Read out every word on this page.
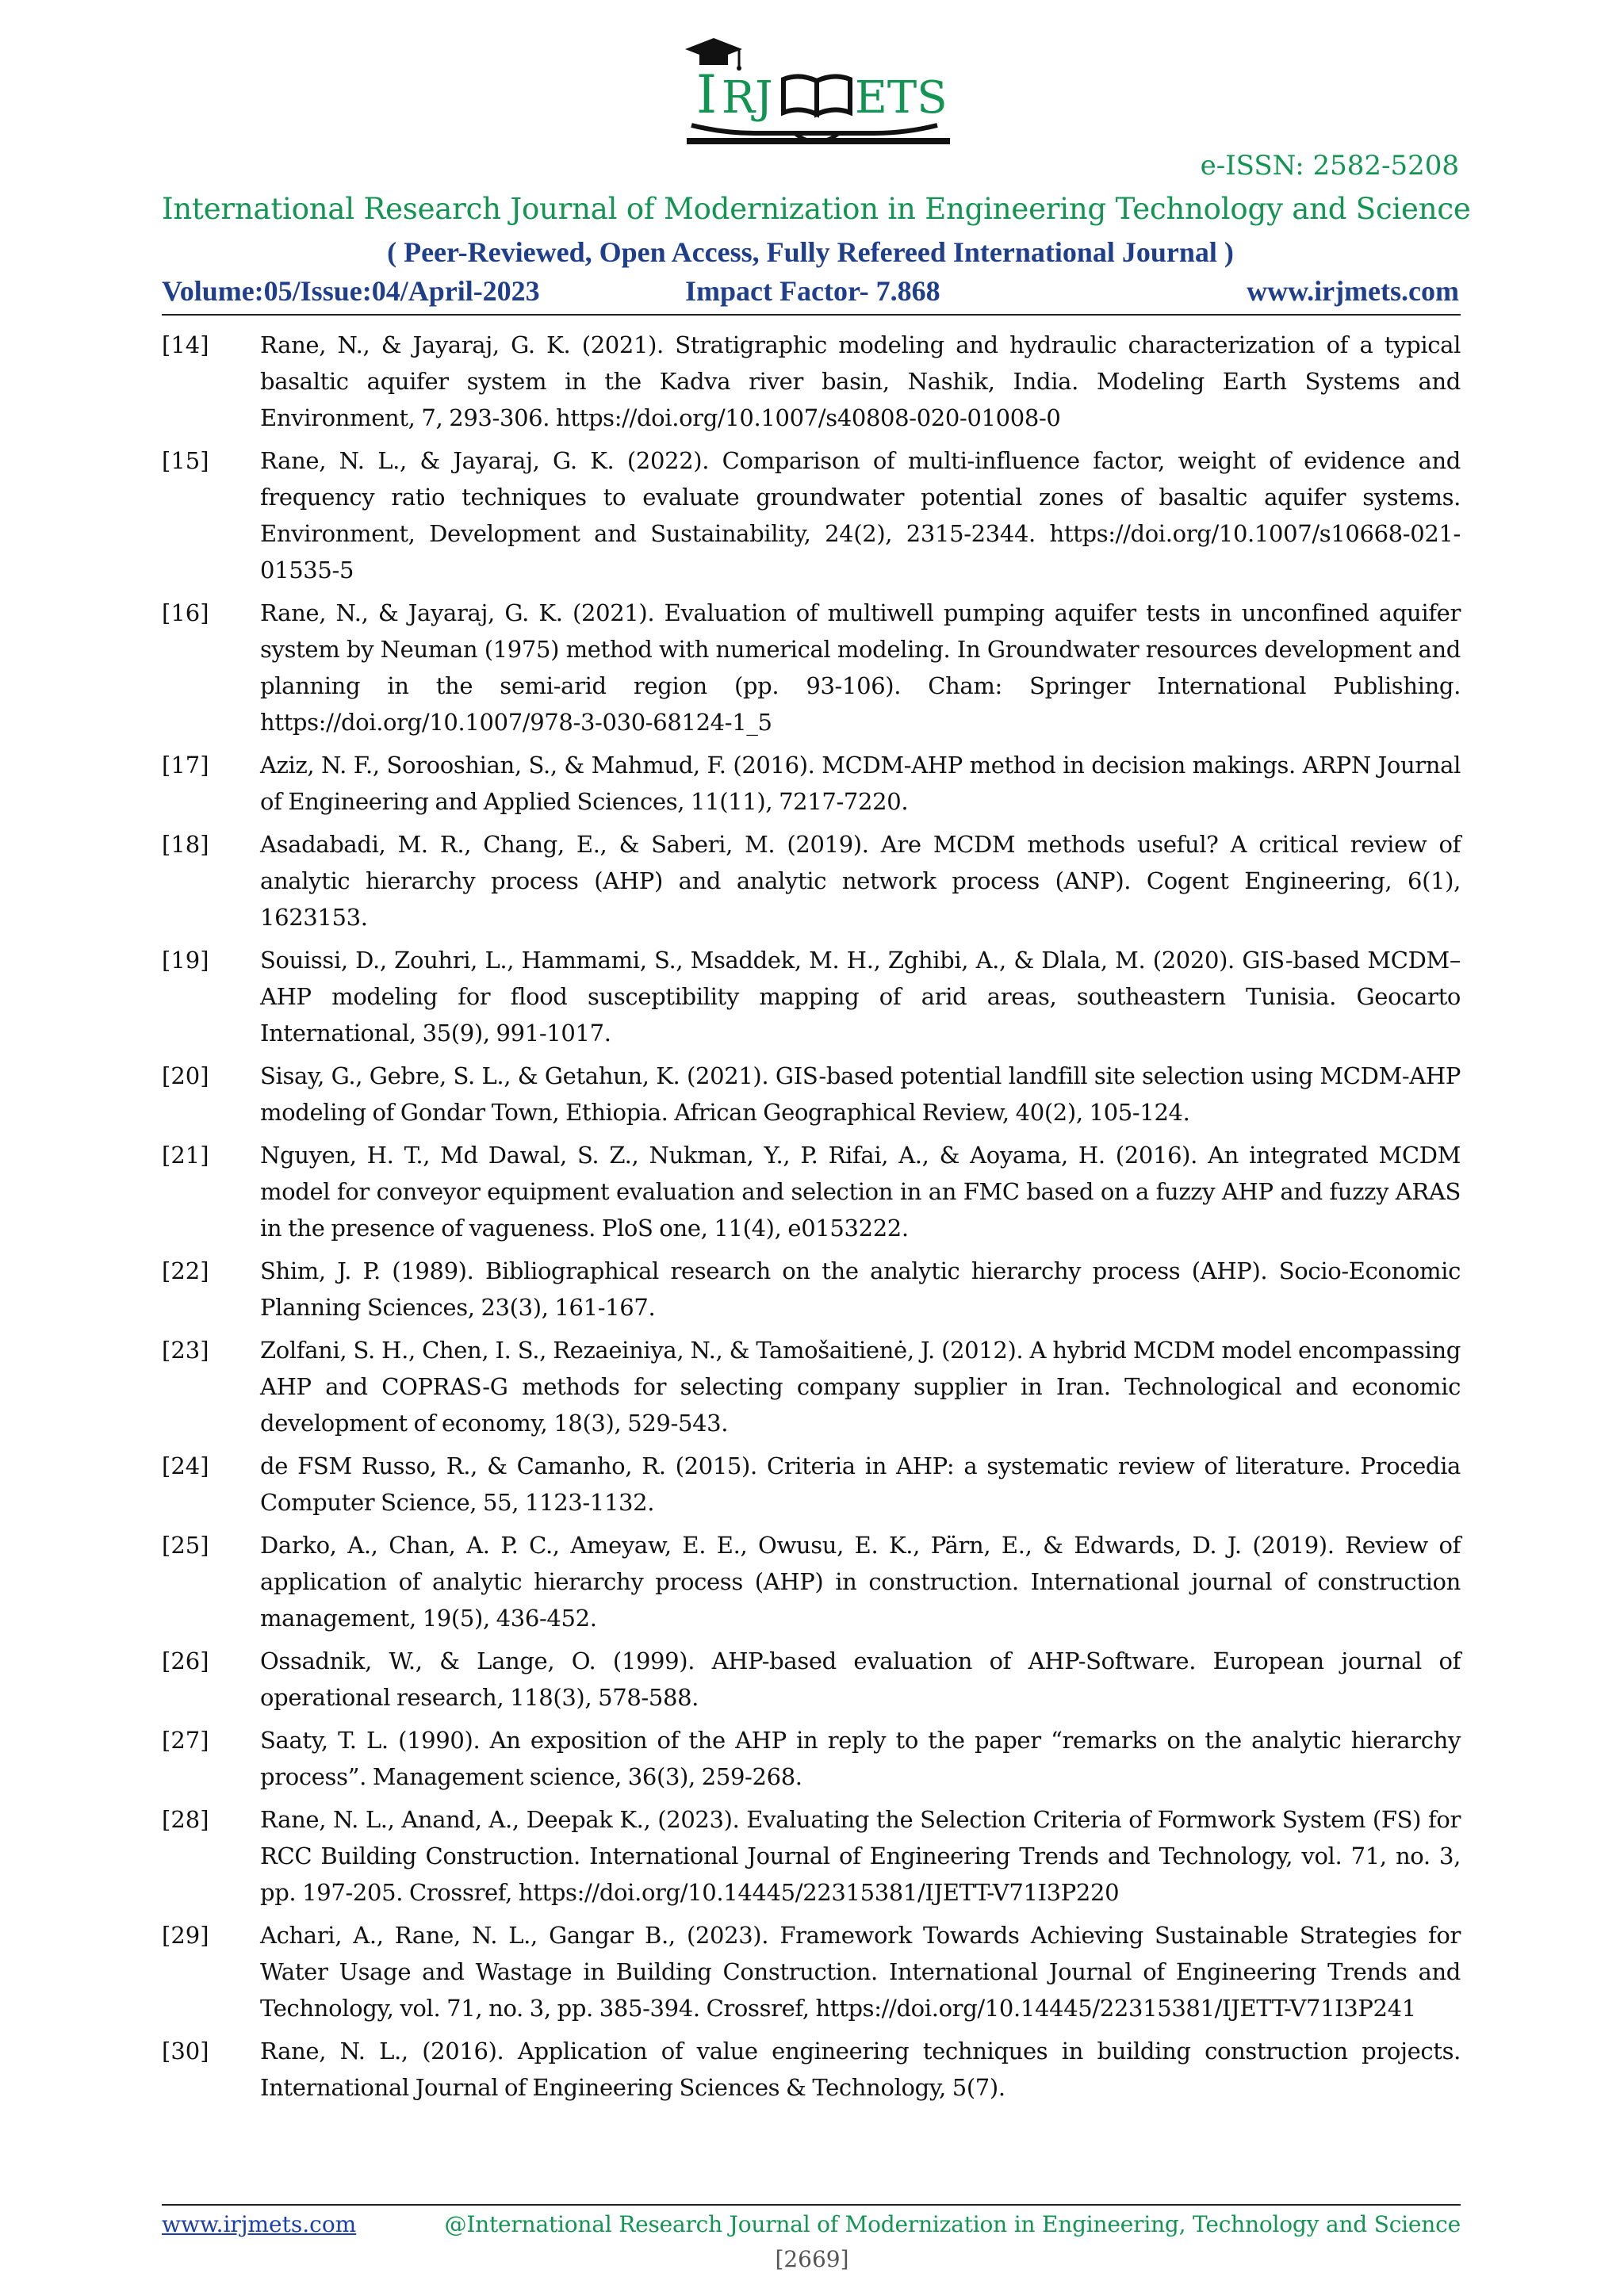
I RJ ETS
e-ISSN: 2582-5208
International Research Journal of Modernization in Engineering Technology and Science
( Peer-Reviewed, Open Access, Fully Refereed International Journal )
Volume:05/Issue:04/April-2023	Impact Factor- 7.868	www.irjmets.com
[14]	Rane, N., & Jayaraj, G. K. (2021). Stratigraphic modeling and hydraulic characterization of a typical basaltic aquifer system in the Kadva river basin, Nashik, India. Modeling Earth Systems and Environment, 7, 293-306. https://doi.org/10.1007/s40808-020-01008-0
[15]	Rane, N. L., & Jayaraj, G. K. (2022). Comparison of multi-influence factor, weight of evidence and frequency ratio techniques to evaluate groundwater potential zones of basaltic aquifer systems. Environment, Development and Sustainability, 24(2), 2315-2344. https://doi.org/10.1007/s10668-021-01535-5
[16]	Rane, N., & Jayaraj, G. K. (2021). Evaluation of multiwell pumping aquifer tests in unconfined aquifer system by Neuman (1975) method with numerical modeling. In Groundwater resources development and planning in the semi-arid region (pp. 93-106). Cham: Springer International Publishing. https://doi.org/10.1007/978-3-030-68124-1_5
[17]	Aziz, N. F., Sorooshian, S., & Mahmud, F. (2016). MCDM-AHP method in decision makings. ARPN Journal of Engineering and Applied Sciences, 11(11), 7217-7220.
[18]	Asadabadi, M. R., Chang, E., & Saberi, M. (2019). Are MCDM methods useful? A critical review of analytic hierarchy process (AHP) and analytic network process (ANP). Cogent Engineering, 6(1), 1623153.
[19]	Souissi, D., Zouhri, L., Hammami, S., Msaddek, M. H., Zghibi, A., & Dlala, M. (2020). GIS-based MCDM–AHP modeling for flood susceptibility mapping of arid areas, southeastern Tunisia. Geocarto International, 35(9), 991-1017.
[20]	Sisay, G., Gebre, S. L., & Getahun, K. (2021). GIS-based potential landfill site selection using MCDM-AHP modeling of Gondar Town, Ethiopia. African Geographical Review, 40(2), 105-124.
[21]	Nguyen, H. T., Md Dawal, S. Z., Nukman, Y., P. Rifai, A., & Aoyama, H. (2016). An integrated MCDM model for conveyor equipment evaluation and selection in an FMC based on a fuzzy AHP and fuzzy ARAS in the presence of vagueness. PloS one, 11(4), e0153222.
[22]	Shim, J. P. (1989). Bibliographical research on the analytic hierarchy process (AHP). Socio-Economic Planning Sciences, 23(3), 161-167.
[23]	Zolfani, S. H., Chen, I. S., Rezaeiniya, N., & Tamošaitienė, J. (2012). A hybrid MCDM model encompassing AHP and COPRAS-G methods for selecting company supplier in Iran. Technological and economic development of economy, 18(3), 529-543.
[24]	de FSM Russo, R., & Camanho, R. (2015). Criteria in AHP: a systematic review of literature. Procedia Computer Science, 55, 1123-1132.
[25]	Darko, A., Chan, A. P. C., Ameyaw, E. E., Owusu, E. K., Pärn, E., & Edwards, D. J. (2019). Review of application of analytic hierarchy process (AHP) in construction. International journal of construction management, 19(5), 436-452.
[26]	Ossadnik, W., & Lange, O. (1999). AHP-based evaluation of AHP-Software. European journal of operational research, 118(3), 578-588.
[27]	Saaty, T. L. (1990). An exposition of the AHP in reply to the paper “remarks on the analytic hierarchy process”. Management science, 36(3), 259-268.
[28]	Rane, N. L., Anand, A., Deepak K., (2023). Evaluating the Selection Criteria of Formwork System (FS) for RCC Building Construction. International Journal of Engineering Trends and Technology, vol. 71, no. 3, pp. 197-205. Crossref, https://doi.org/10.14445/22315381/IJETT-V71I3P220
[29]	Achari, A., Rane, N. L., Gangar B., (2023). Framework Towards Achieving Sustainable Strategies for Water Usage and Wastage in Building Construction. International Journal of Engineering Trends and Technology, vol. 71, no. 3, pp. 385-394. Crossref, https://doi.org/10.14445/22315381/IJETT-V71I3P241
[30]	Rane, N. L., (2016). Application of value engineering techniques in building construction projects. International Journal of Engineering Sciences & Technology, 5(7).
www.irjmets.com	@International Research Journal of Modernization in Engineering, Technology and Science
[2669]
